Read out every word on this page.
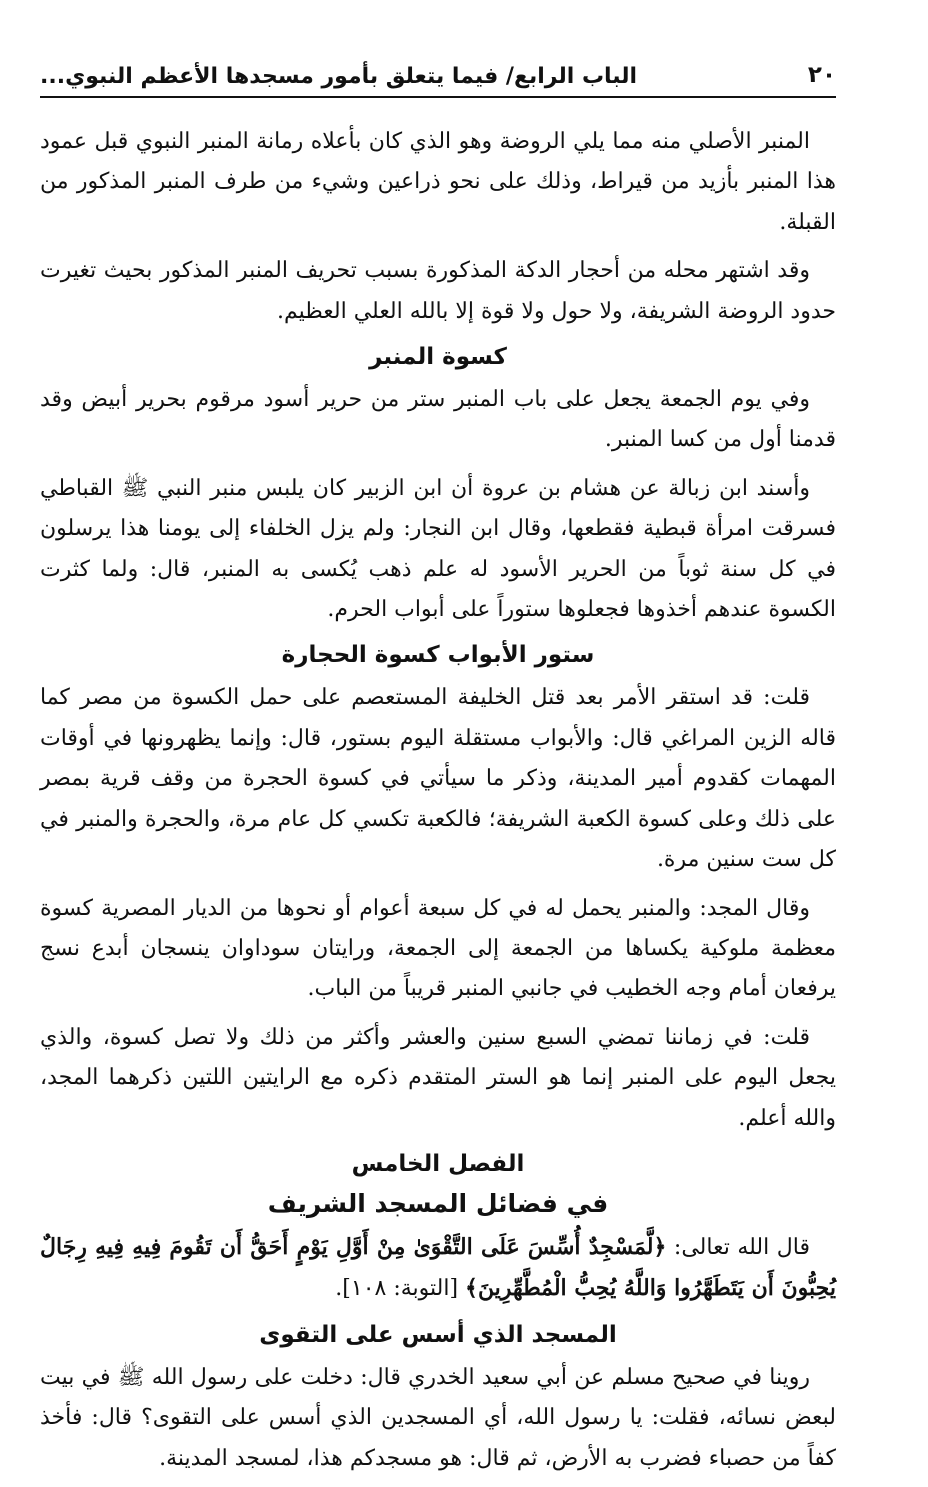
٢٠
الباب الرابع/ فيما يتعلق بأمور مسجدها الأعظم النبوي...

المنبر الأصلي منه مما يلي الروضة وهو الذي كان بأعلاه رمانة المنبر النبوي قبل عمود هذا المنبر بأزيد من قيراط، وذلك على نحو ذراعين وشيء من طرف المنبر المذكور من القبلة.

وقد اشتهر محله من أحجار الدكة المذكورة بسبب تحريف المنبر المذكور بحيث تغيرت حدود الروضة الشريفة، ولا حول ولا قوة إلا بالله العلي العظيم.

كسوة المنبر

وفي يوم الجمعة يجعل على باب المنبر ستر من حرير أسود مرقوم بحرير أبيض وقد قدمنا أول من كسا المنبر.

وأسند ابن زبالة عن هشام بن عروة أن ابن الزبير كان يلبس منبر النبي ﷺ القباطي فسرقت امرأة قبطية فقطعها، وقال ابن النجار: ولم يزل الخلفاء إلى يومنا هذا يرسلون في كل سنة ثوباً من الحرير الأسود له علم ذهب يُكسى به المنبر، قال: ولما كثرت الكسوة عندهم أخذوها فجعلوها ستوراً على أبواب الحرم.

ستور الأبواب كسوة الحجارة

قلت: قد استقر الأمر بعد قتل الخليفة المستعصم على حمل الكسوة من مصر كما قاله الزين المراغي قال: والأبواب مستقلة اليوم بستور، قال: وإنما يظهرونها في أوقات المهمات كقدوم أمير المدينة، وذكر ما سيأتي في كسوة الحجرة من وقف قرية بمصر على ذلك وعلى كسوة الكعبة الشريفة؛ فالكعبة تكسي كل عام مرة، والحجرة والمنبر في كل ست سنين مرة.

وقال المجد: والمنبر يحمل له في كل سبعة أعوام أو نحوها من الديار المصرية كسوة معظمة ملوكية يكساها من الجمعة إلى الجمعة، ورايتان سوداوان ينسجان أبدع نسج يرفعان أمام وجه الخطيب في جانبي المنبر قريباً من الباب.

قلت: في زماننا تمضي السبع سنين والعشر وأكثر من ذلك ولا تصل كسوة، والذي يجعل اليوم على المنبر إنما هو الستر المتقدم ذكره مع الرايتين اللتين ذكرهما المجد، والله أعلم.

الفصل الخامس
في فضائل المسجد الشريف

قال الله تعالى: ﴿لَّمَسْجِدٌ أُسِّسَ عَلَى التَّقْوَىٰ مِنْ أَوَّلِ يَوْمٍ أَحَقُّ أَن تَقُومَ فِيهِ فِيهِ رِجَالٌ يُحِبُّونَ أَن يَتَطَهَّرُوا وَاللَّهُ يُحِبُّ الْمُطَّهِّرِينَ﴾ [التوبة: ١٠٨].

المسجد الذي أسس على التقوى

روينا في صحيح مسلم عن أبي سعيد الخدري قال: دخلت على رسول الله ﷺ في بيت لبعض نسائه، فقلت: يا رسول الله، أي المسجدين الذي أسس على التقوى؟ قال: فأخذ كفاً من حصباء فضرب به الأرض، ثم قال: هو مسجدكم هذا، لمسجد المدينة.
